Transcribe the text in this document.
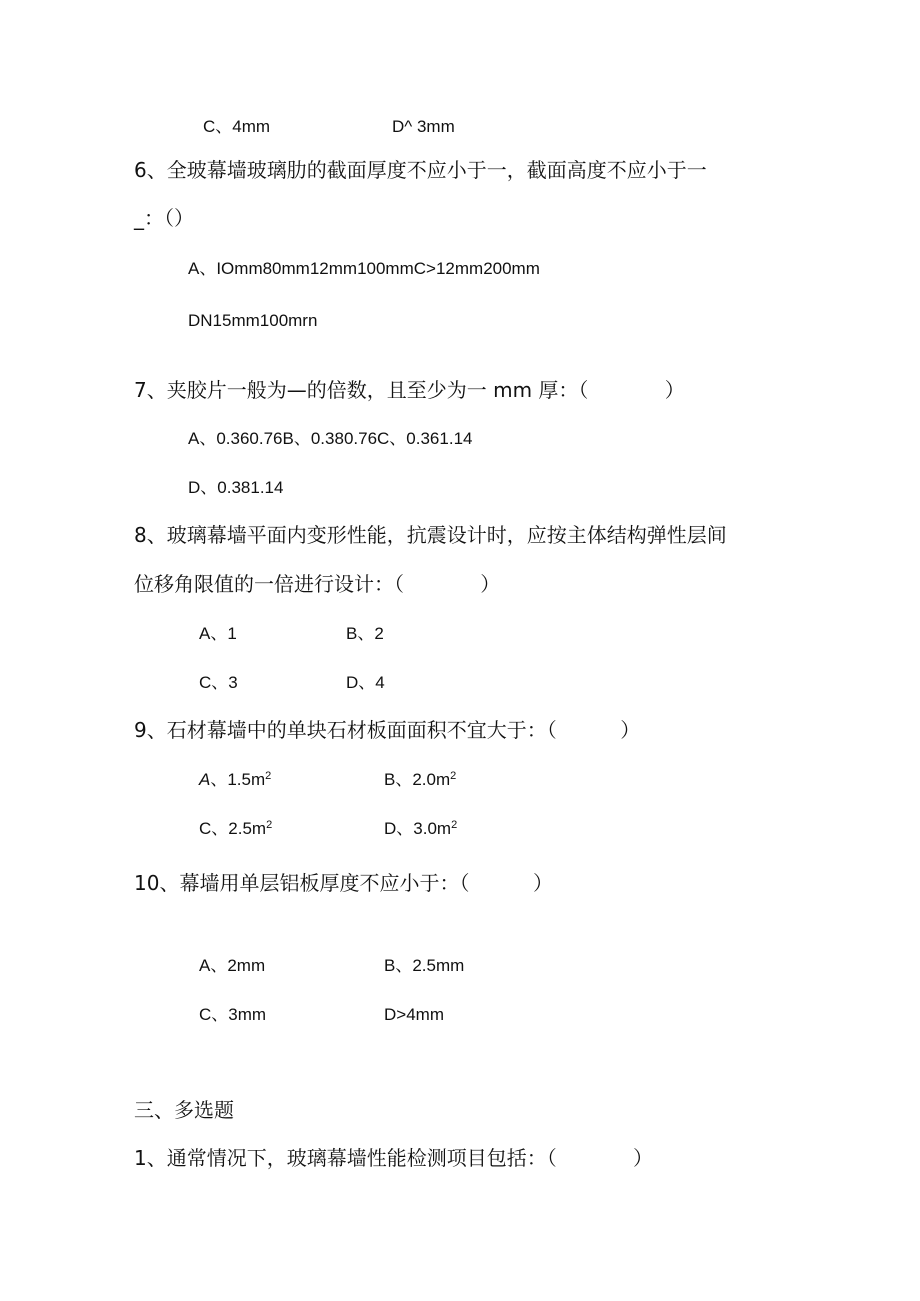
C、4mm	D^ 3mm
6、全玻幕墙玻璃肋的截面厚度不应小于一，截面高度不应小于一
_：（）
A、IOmm80mm12mm100mmC>12mm200mm
DN15mm100mrn
7、夹胶片一般为—的倍数，且至少为一 mm 厚：（            ）
A、0.360.76B、0.380.76C、0.361.14
D、0.381.14
8、玻璃幕墙平面内变形性能，抗震设计时，应按主体结构弹性层间
位移角限值的一倍进行设计：（            ）
A、1	B、2
C、3	D、4
9、石材幕墙中的单块石材板面面积不宜大于：（          ）
A、$1.5m^2$	B、$2.0m^2$
C、$2.5m^2$	D、$3.0m^2$
10、幕墙用单层铝板厚度不应小于：（          ）
A、2mm	B、2.5mm
C、3mm	D>4mm
三、多选题
1、通常情况下，玻璃幕墙性能检测项目包括：（            ）
